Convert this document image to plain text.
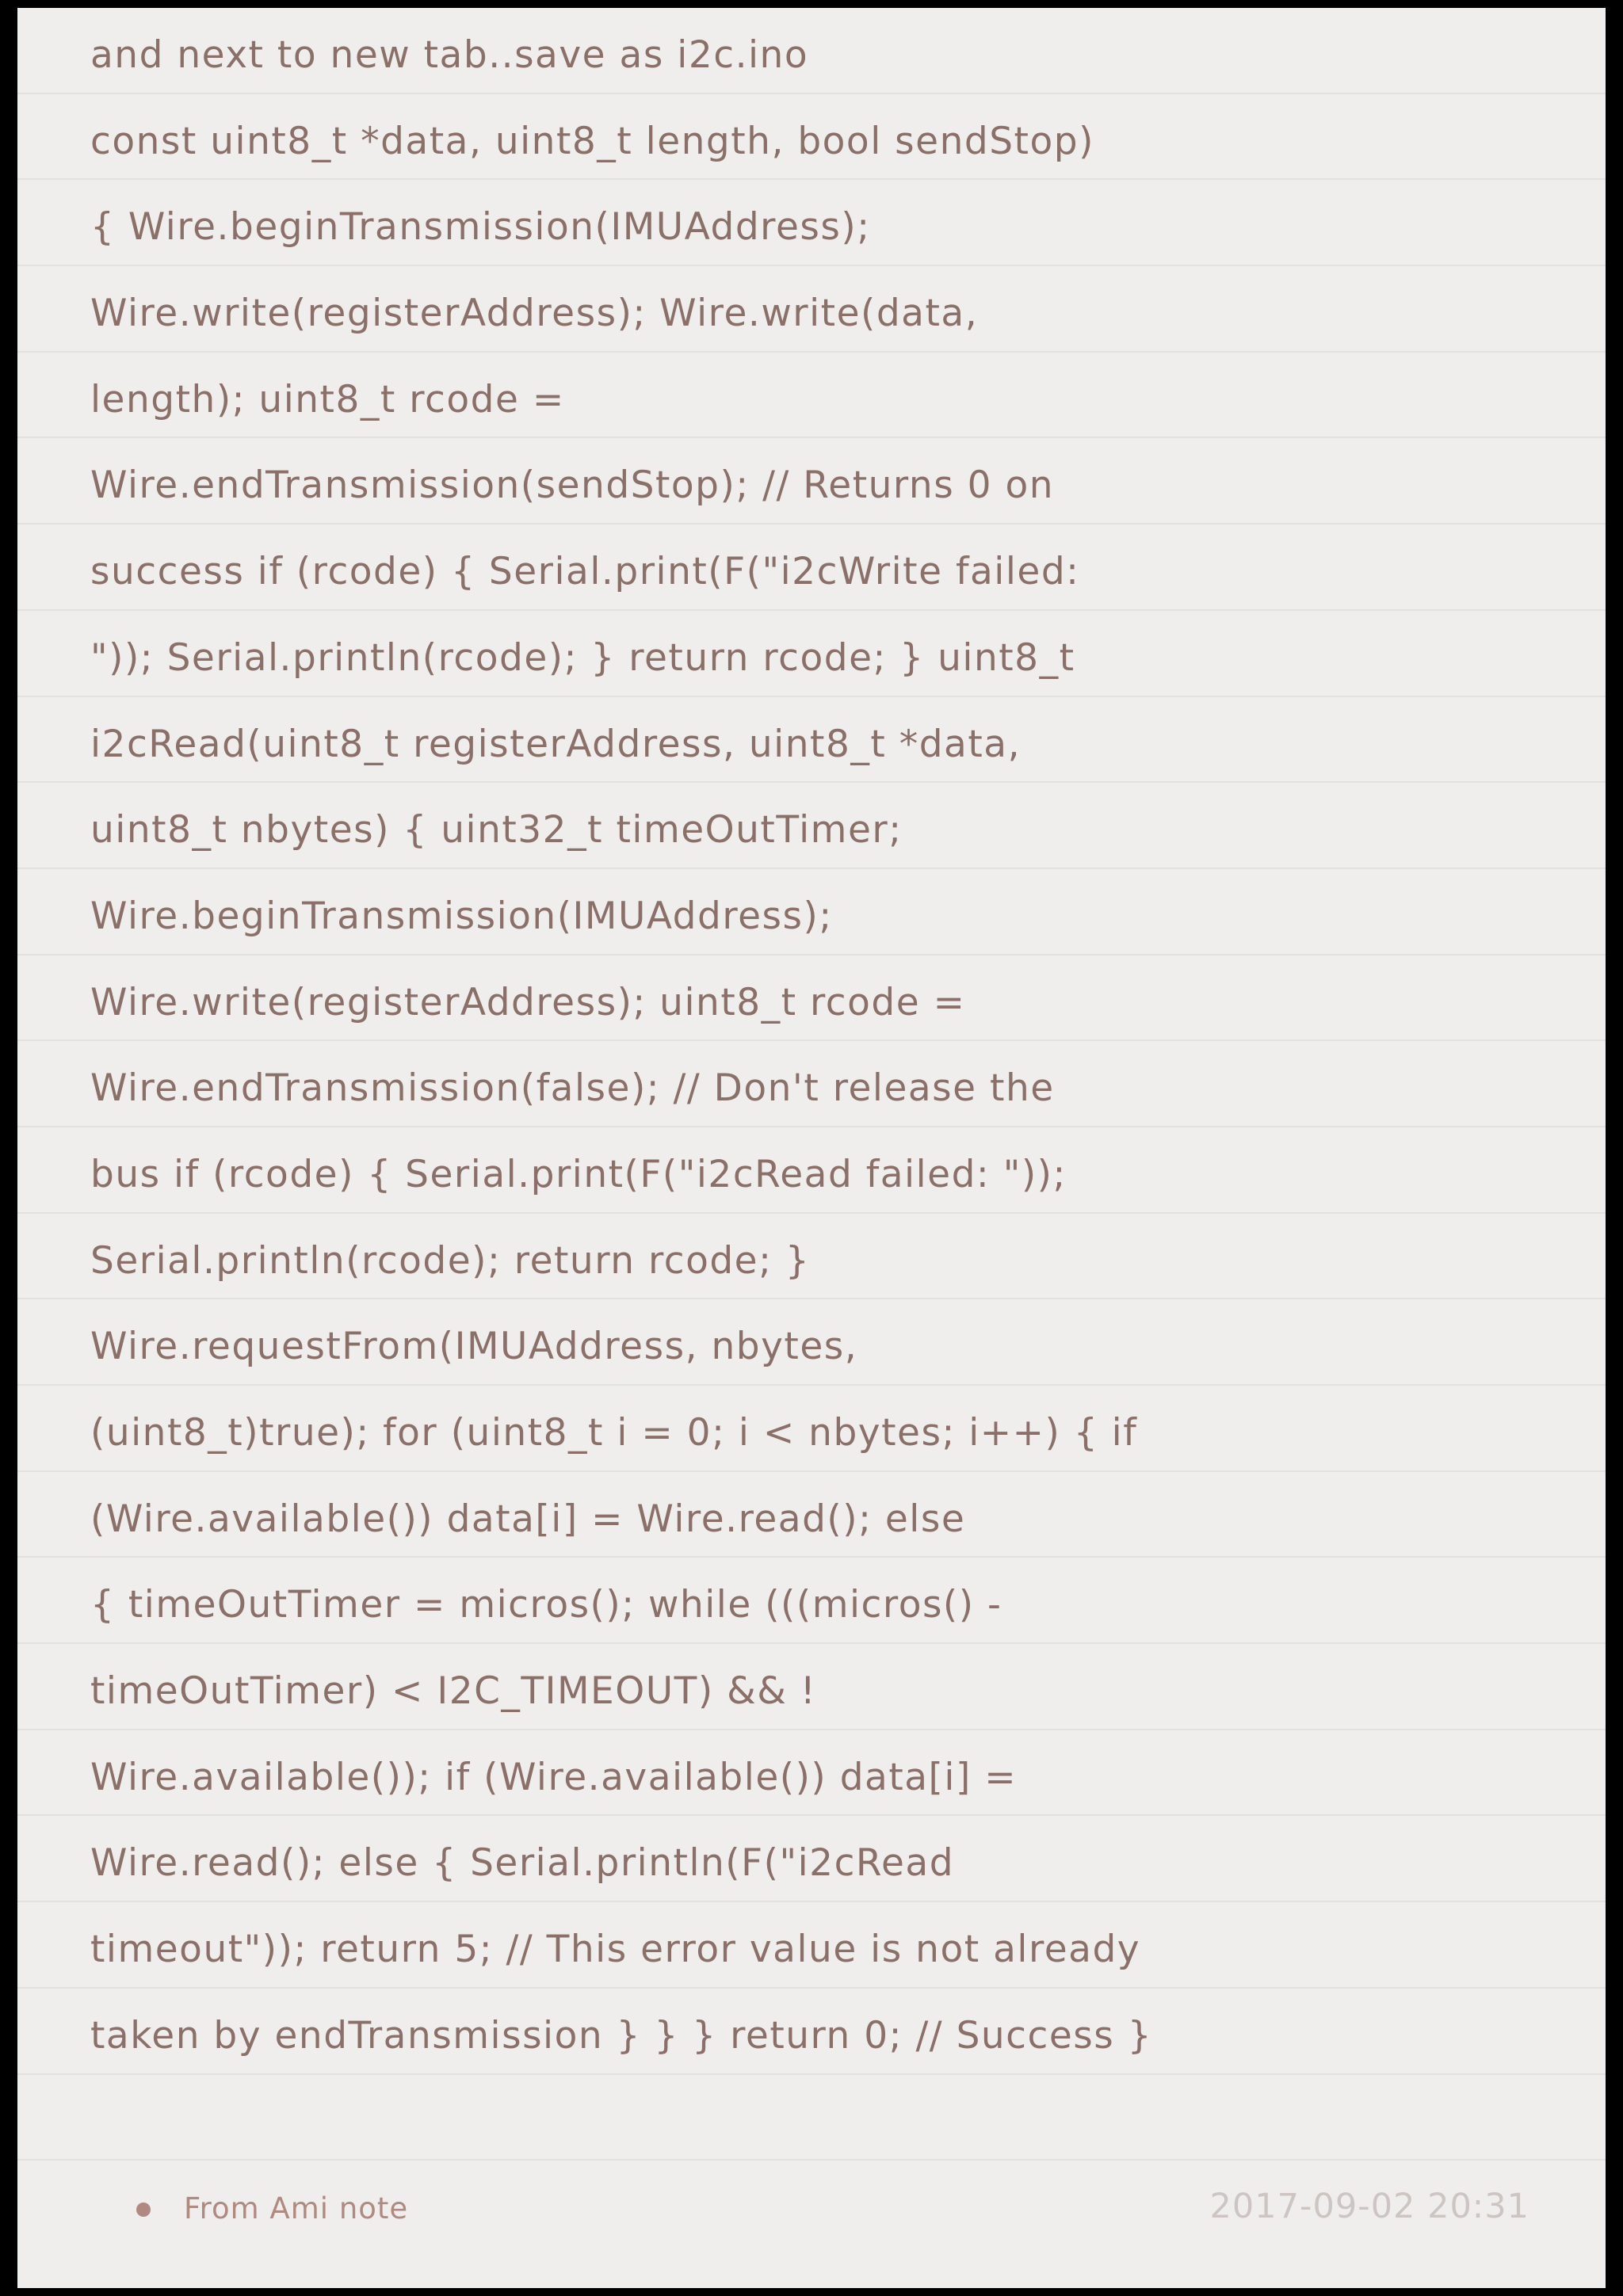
and next to new tab..save as i2c.ino
const uint8_t *data, uint8_t length, bool sendStop)
{ Wire.beginTransmission(IMUAddress);
Wire.write(registerAddress); Wire.write(data,
length); uint8_t rcode =
Wire.endTransmission(sendStop); // Returns 0 on
success if (rcode) { Serial.print(F("i2cWrite failed:
")); Serial.println(rcode); } return rcode; } uint8_t
i2cRead(uint8_t registerAddress, uint8_t *data,
uint8_t nbytes) { uint32_t timeOutTimer;
Wire.beginTransmission(IMUAddress);
Wire.write(registerAddress); uint8_t rcode =
Wire.endTransmission(false); // Don't release the
bus if (rcode) { Serial.print(F("i2cRead failed: "));
Serial.println(rcode); return rcode; }
Wire.requestFrom(IMUAddress, nbytes,
(uint8_t)true); for (uint8_t i = 0; i < nbytes; i++) { if
(Wire.available()) data[i] = Wire.read(); else
{ timeOutTimer = micros(); while (((micros() -
timeOutTimer) < I2C_TIMEOUT) && !
Wire.available()); if (Wire.available()) data[i] =
Wire.read(); else { Serial.println(F("i2cRead
timeout")); return 5; // This error value is not already
taken by endTransmission } } } return 0; // Success }
From Ami note	2017-09-02 20:31
